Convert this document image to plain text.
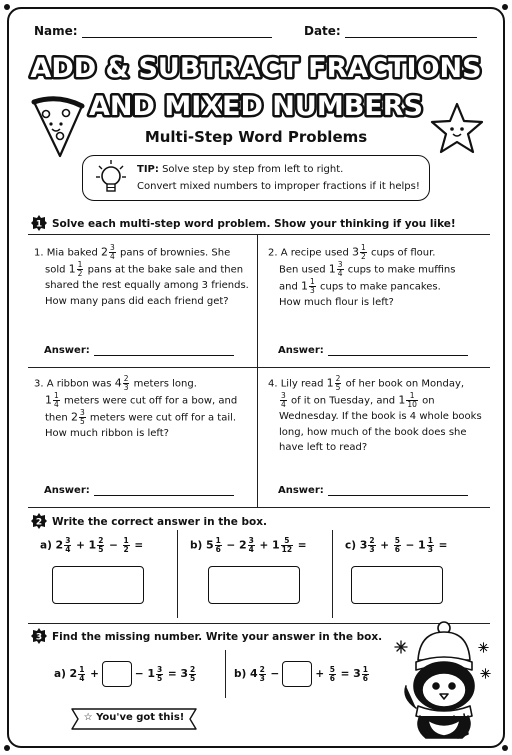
Name:	Date:
ADD & SUBTRACT FRACTIONS
AND MIXED NUMBERS
Multi-Step Word Problems
TIP: Solve step by step from left to right.
Convert mixed numbers to improper fractions if it helps!
1 Solve each multi-step word problem. Show your thinking if you like!
1. Mia baked $2 \frac{3}{4}$ pans of brownies. She
sold $1 \frac{1}{2}$ pans at the bake sale and then
shared the rest equally among 3 friends.
How many pans did each friend get?
Answer:
2. A recipe used $3 \frac{1}{2}$ cups of flour.
Ben used $1 \frac{3}{4}$ cups to make muffins
and $1 \frac{1}{3}$ cups to make pancakes.
How much flour is left?
Answer:
3. A ribbon was $4 \frac{2}{3}$ meters long.
$1 \frac{1}{4}$ meters were cut off for a bow, and
then $2 \frac{3}{5}$ meters were cut off for a tail.
How much ribbon is left?
Answer:
4. Lily read $1 \frac{2}{5}$ of her book on Monday,
$\frac{3}{4}$ of it on Tuesday, and $1 \frac{1}{10}$ on
Wednesday. If the book is 4 whole books
long, how much of the book does she
have left to read?
Answer:
2 Write the correct answer in the box.
a) $2 \frac{3}{4} + 1 \frac{2}{5} - \frac{1}{2}$ =	b) $5 \frac{1}{6} - 2 \frac{3}{4} + 1 \frac{5}{12}$ =	c) $3 \frac{2}{3} + \frac{5}{6} - 1 \frac{1}{3}$ =
3 Find the missing number. Write your answer in the box.
a) $2 \frac{1}{4}$ +	− $1 \frac{3}{5} = 3 \frac{2}{5}$	b) $4 \frac{2}{3}$ −	+ $\frac{5}{6} = 3 \frac{1}{6}$
☆ You've got this!
